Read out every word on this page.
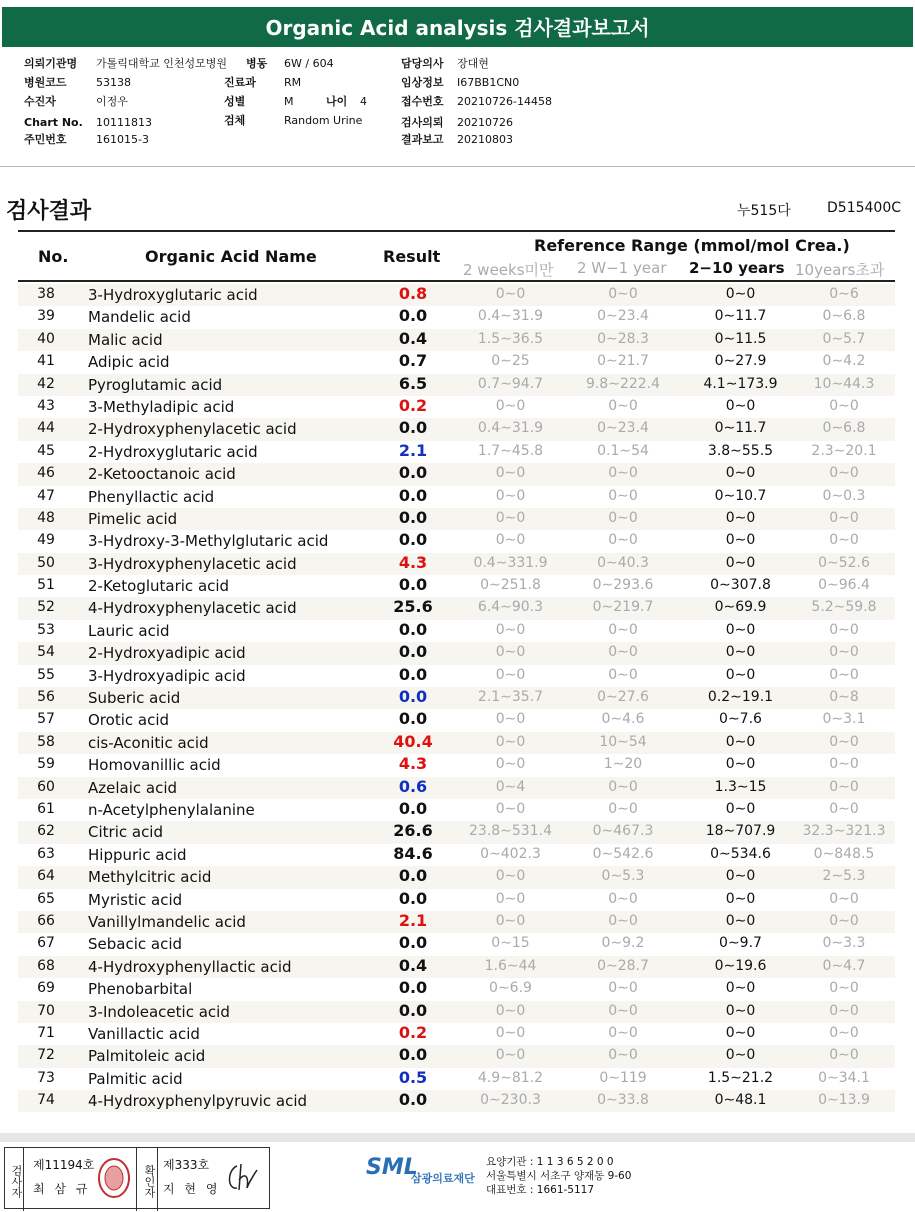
Organic Acid analysis 검사결과보고서
의뢰기관명 가톨릭대학교 인천성모병원
병원코드	53138
수진자	이정우
Chart No. 10111813
주민번호	161015-3
병동 6W / 604
진료과	RM
성별	M	나이 4
검체	Random Urine
담당의사 장대현
임상정보 I67BB1CN0
접수번호 20210726-14458
검사의뢰 20210726
결과보고 20210803
검사결과	누515다	D515400C
No.	Organic Acid Name	Result
Reference Range (mmol/mol Crea.)
2 weeks미만 2 W−1 year 2−10 years 10years초과
38	3-Hydroxyglutaric acid	0.8	0∼0	0∼0	0∼0	0∼6
39	Mandelic acid	0.0	0.4∼31.9	0∼23.4	0∼11.7	0∼6.8
40	Malic acid	0.4	1.5∼36.5	0∼28.3	0∼11.5	0∼5.7
41	Adipic acid	0.7	0∼25	0∼21.7	0∼27.9	0∼4.2
42	Pyroglutamic acid	6.5	0.7∼94.7	9.8∼222.4	4.1∼173.9	10∼44.3
43	3-Methyladipic acid	0.2	0∼0	0∼0	0∼0	0∼0
44	2-Hydroxyphenylacetic acid	0.0	0.4∼31.9	0∼23.4	0∼11.7	0∼6.8
45	2-Hydroxyglutaric acid	2.1	1.7∼45.8	0.1∼54	3.8∼55.5	2.3∼20.1
46	2-Ketooctanoic acid	0.0	0∼0	0∼0	0∼0	0∼0
47	Phenyllactic acid	0.0	0∼0	0∼0	0∼10.7	0∼0.3
48	Pimelic acid	0.0	0∼0	0∼0	0∼0	0∼0
49	3-Hydroxy-3-Methylglutaric acid	0.0	0∼0	0∼0	0∼0	0∼0
50	3-Hydroxyphenylacetic acid	4.3	0.4∼331.9	0∼40.3	0∼0	0∼52.6
51	2-Ketoglutaric acid	0.0	0∼251.8	0∼293.6	0∼307.8	0∼96.4
52	4-Hydroxyphenylacetic acid	25.6	6.4∼90.3	0∼219.7	0∼69.9	5.2∼59.8
53	Lauric acid	0.0	0∼0	0∼0	0∼0	0∼0
54	2-Hydroxyadipic acid	0.0	0∼0	0∼0	0∼0	0∼0
55	3-Hydroxyadipic acid	0.0	0∼0	0∼0	0∼0	0∼0
56	Suberic acid	0.0	2.1∼35.7	0∼27.6	0.2∼19.1	0∼8
57	Orotic acid	0.0	0∼0	0∼4.6	0∼7.6	0∼3.1
58	cis-Aconitic acid	40.4	0∼0	10∼54	0∼0	0∼0
59	Homovanillic acid	4.3	0∼0	1∼20	0∼0	0∼0
60	Azelaic acid	0.6	0∼4	0∼0	1.3∼15	0∼0
61	n-Acetylphenylalanine	0.0	0∼0	0∼0	0∼0	0∼0
62	Citric acid	26.6	23.8∼531.4	0∼467.3	18∼707.9	32.3∼321.3
63	Hippuric acid	84.6	0∼402.3	0∼542.6	0∼534.6	0∼848.5
64	Methylcitric acid	0.0	0∼0	0∼5.3	0∼0	2∼5.3
65	Myristic acid	0.0	0∼0	0∼0	0∼0	0∼0
66	Vanillylmandelic acid	2.1	0∼0	0∼0	0∼0	0∼0
67	Sebacic acid	0.0	0∼15	0∼9.2	0∼9.7	0∼3.3
68	4-Hydroxyphenyllactic acid	0.4	1.6∼44	0∼28.7	0∼19.6	0∼4.7
69	Phenobarbital	0.0	0∼6.9	0∼0	0∼0	0∼0
70	3-Indoleacetic acid	0.0	0∼0	0∼0	0∼0	0∼0
71	Vanillactic acid	0.2	0∼0	0∼0	0∼0	0∼0
72	Palmitoleic acid	0.0	0∼0	0∼0	0∼0	0∼0
73	Palmitic acid	0.5	4.9∼81.2	0∼119	1.5∼21.2	0∼34.1
74	4-Hydroxyphenylpyruvic acid	0.0	0∼230.3	0∼33.8	0∼48.1	0∼13.9
검사자 제11194호
최 삼 규	확인자 제333호
지 현 영
SML
삼광의료재단
요양기관 : 1 1 3 6 5 2 0 0
서울특별시 서초구 양재동 9-60
대표번호 : 1661-5117
